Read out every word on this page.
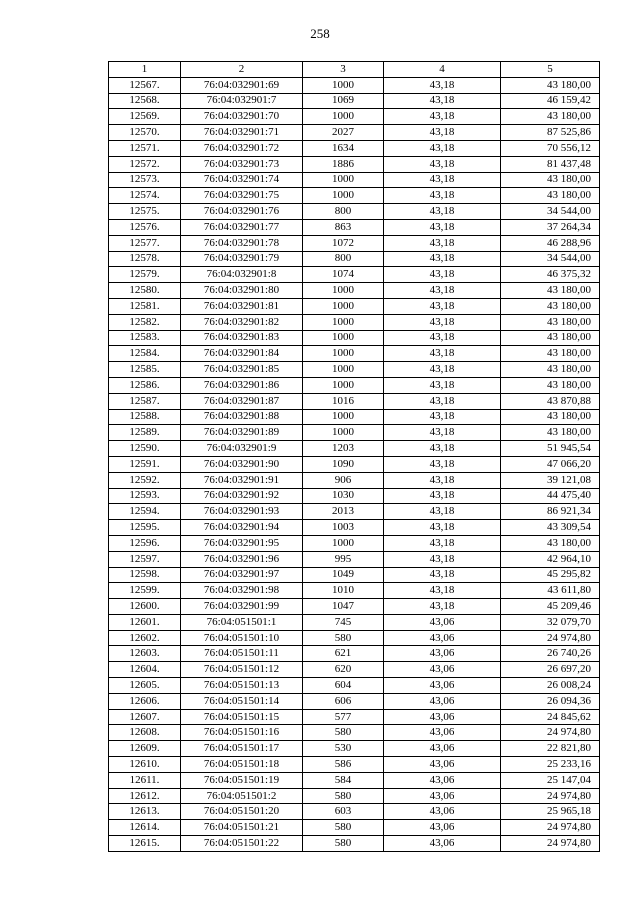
258
1	2	3	4	5
12567.	76:04:032901:69	1000	43,18	43 180,00
12568.	76:04:032901:7	1069	43,18	46 159,42
12569.	76:04:032901:70	1000	43,18	43 180,00
12570.	76:04:032901:71	2027	43,18	87 525,86
12571.	76:04:032901:72	1634	43,18	70 556,12
12572.	76:04:032901:73	1886	43,18	81 437,48
12573.	76:04:032901:74	1000	43,18	43 180,00
12574.	76:04:032901:75	1000	43,18	43 180,00
12575.	76:04:032901:76	800	43,18	34 544,00
12576.	76:04:032901:77	863	43,18	37 264,34
12577.	76:04:032901:78	1072	43,18	46 288,96
12578.	76:04:032901:79	800	43,18	34 544,00
12579.	76:04:032901:8	1074	43,18	46 375,32
12580.	76:04:032901:80	1000	43,18	43 180,00
12581.	76:04:032901:81	1000	43,18	43 180,00
12582.	76:04:032901:82	1000	43,18	43 180,00
12583.	76:04:032901:83	1000	43,18	43 180,00
12584.	76:04:032901:84	1000	43,18	43 180,00
12585.	76:04:032901:85	1000	43,18	43 180,00
12586.	76:04:032901:86	1000	43,18	43 180,00
12587.	76:04:032901:87	1016	43,18	43 870,88
12588.	76:04:032901:88	1000	43,18	43 180,00
12589.	76:04:032901:89	1000	43,18	43 180,00
12590.	76:04:032901:9	1203	43,18	51 945,54
12591.	76:04:032901:90	1090	43,18	47 066,20
12592.	76:04:032901:91	906	43,18	39 121,08
12593.	76:04:032901:92	1030	43,18	44 475,40
12594.	76:04:032901:93	2013	43,18	86 921,34
12595.	76:04:032901:94	1003	43,18	43 309,54
12596.	76:04:032901:95	1000	43,18	43 180,00
12597.	76:04:032901:96	995	43,18	42 964,10
12598.	76:04:032901:97	1049	43,18	45 295,82
12599.	76:04:032901:98	1010	43,18	43 611,80
12600.	76:04:032901:99	1047	43,18	45 209,46
12601.	76:04:051501:1	745	43,06	32 079,70
12602.	76:04:051501:10	580	43,06	24 974,80
12603.	76:04:051501:11	621	43,06	26 740,26
12604.	76:04:051501:12	620	43,06	26 697,20
12605.	76:04:051501:13	604	43,06	26 008,24
12606.	76:04:051501:14	606	43,06	26 094,36
12607.	76:04:051501:15	577	43,06	24 845,62
12608.	76:04:051501:16	580	43,06	24 974,80
12609.	76:04:051501:17	530	43,06	22 821,80
12610.	76:04:051501:18	586	43,06	25 233,16
12611.	76:04:051501:19	584	43,06	25 147,04
12612.	76:04:051501:2	580	43,06	24 974,80
12613.	76:04:051501:20	603	43,06	25 965,18
12614.	76:04:051501:21	580	43,06	24 974,80
12615.	76:04:051501:22	580	43,06	24 974,80
